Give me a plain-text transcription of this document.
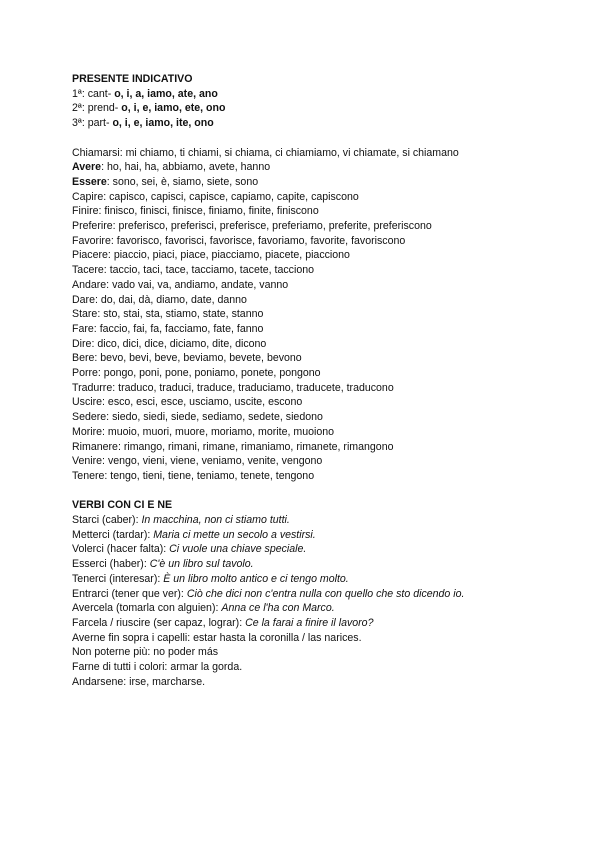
PRESENTE INDICATIVO
1ª: cant- o, i, a, iamo, ate, ano
2ª: prend- o, i, e, iamo, ete, ono
3ª: part- o, i, e, iamo, ite, ono
Chiamarsi: mi chiamo, ti chiami, si chiama, ci chiamiamo, vi chiamate, si chiamano
Avere: ho, hai, ha, abbiamo, avete, hanno
Essere: sono, sei, è, siamo, siete, sono
Capire: capisco, capisci, capisce, capiamo, capite, capiscono
Finire: finisco, finisci, finisce, finiamo, finite, finiscono
Preferire: preferisco, preferisci, preferisce, preferiamo, preferite, preferiscono
Favorire: favorisco, favorisci, favorisce, favoriamo, favorite, favoriscono
Piacere: piaccio, piaci, piace, piacciamo, piacete, piacciono
Tacere: taccio, taci, tace, tacciamo, tacete, tacciono
Andare: vado vai, va, andiamo, andate, vanno
Dare: do, dai, dà, diamo, date, danno
Stare: sto, stai, sta, stiamo, state, stanno
Fare: faccio, fai, fa, facciamo, fate, fanno
Dire: dico, dici, dice, diciamo, dite, dicono
Bere: bevo, bevi, beve, beviamo, bevete, bevono
Porre: pongo, poni, pone, poniamo, ponete, pongono
Tradurre: traduco, traduci, traduce, traduciamo, traducete, traducono
Uscire: esco, esci, esce, usciamo, uscite, escono
Sedere: siedo, siedi, siede, sediamo, sedete, siedono
Morire: muoio, muori, muore, moriamo, morite, muoiono
Rimanere: rimango, rimani, rimane, rimaniamo, rimanete, rimangono
Venire: vengo, vieni, viene, veniamo, venite, vengono
Tenere: tengo, tieni, tiene, teniamo, tenete, tengono
VERBI CON CI E NE
Starci (caber): In macchina, non ci stiamo tutti.
Metterci (tardar): Maria ci mette un secolo a vestirsi.
Volerci (hacer falta): Ci vuole una chiave speciale.
Esserci (haber): C'è un libro sul tavolo.
Tenerci (interesar): È un libro molto antico e ci tengo molto.
Entrarci (tener que ver): Ciò che dici non c'entra nulla con quello che sto dicendo io.
Avercela (tomarla con alguien): Anna ce l'ha con Marco.
Farcela / riuscire (ser capaz, lograr): Ce la farai a finire il lavoro?
Averne fin sopra i capelli: estar hasta la coronilla / las narices.
Non poterne più: no poder más
Farne di tutti i colori: armar la gorda.
Andarsene: irse, marcharse.
